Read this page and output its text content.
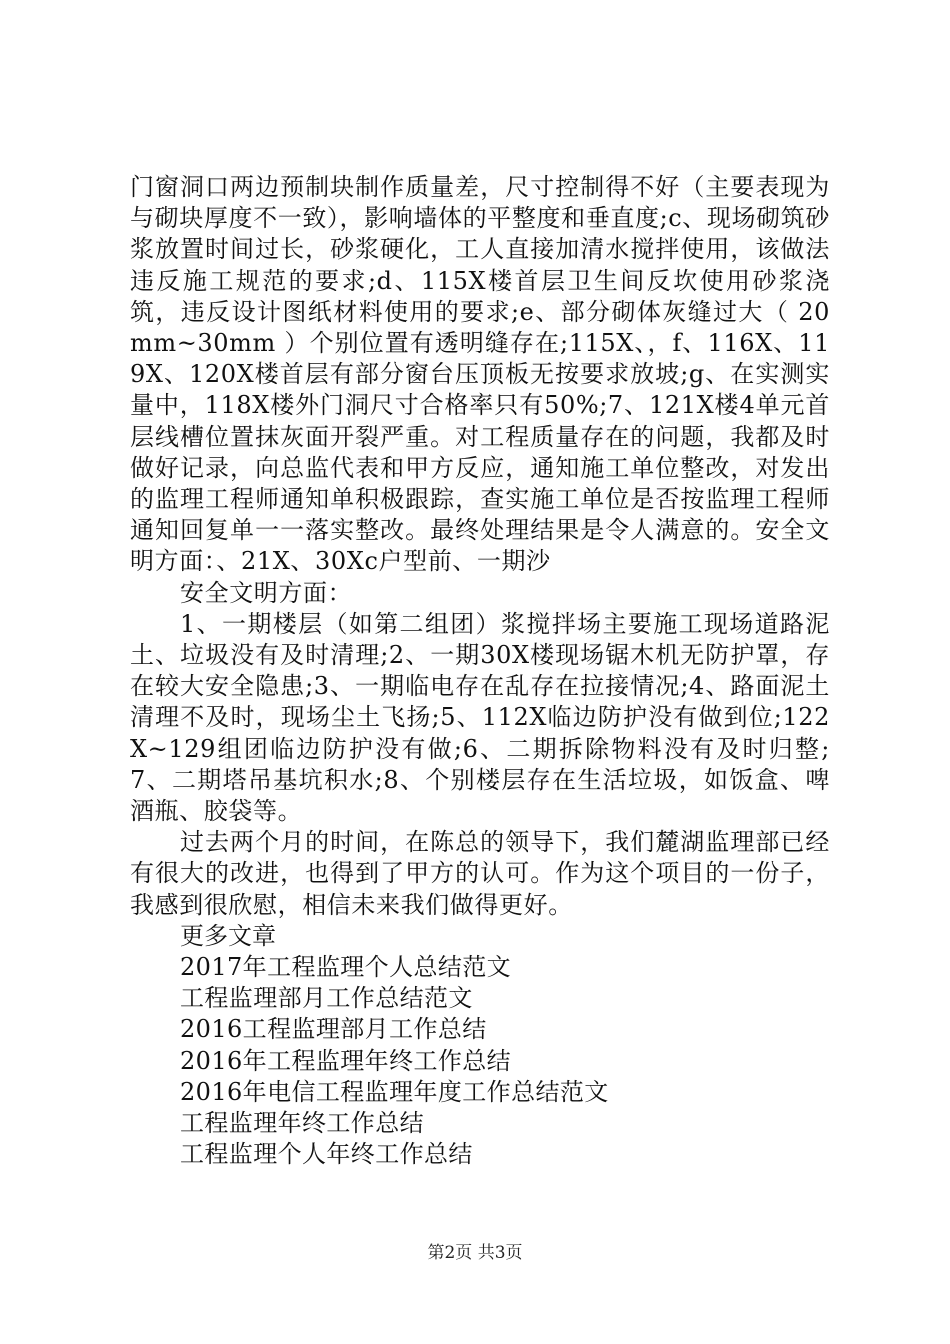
门窗洞口两边预制块制作质量差，尺寸控制得不好（主要表现为与砌块厚度不一致），影响墙体的平整度和垂直度;c、现场砌筑砂浆放置时间过长，砂浆硬化，工人直接加清水搅拌使用，该做法违反施工规范的要求;d、115X楼首层卫生间反坎使用砂浆浇筑，违反设计图纸材料使用的要求;e、部分砌体灰缝过大（ 20mm~30mm ）个别位置有透明缝存在;115X、，f、116X、119X、120X楼首层有部分窗台压顶板无按要求放坡;g、在实测实量中，118X楼外门洞尺寸合格率只有50%;7、121X楼4单元首层线槽位置抹灰面开裂严重。对工程质量存在的问题，我都及时做好记录，向总监代表和甲方反应，通知施工单位整改，对发出的监理工程师通知单积极跟踪，查实施工单位是否按监理工程师通知回复单一一落实整改。最终处理结果是令人满意的。安全文明方面：、21X、30Xc户型前、一期沙

安全文明方面：

1、一期楼层（如第二组团）浆搅拌场主要施工现场道路泥土、垃圾没有及时清理;2、一期30X楼现场锯木机无防护罩，存在较大安全隐患;3、一期临电存在乱存在拉接情况;4、路面泥土清理不及时，现场尘土飞扬;5、112X临边防护没有做到位;122X~129组团临边防护没有做;6、二期拆除物料没有及时归整;7、二期塔吊基坑积水;8、个别楼层存在生活垃圾，如饭盒、啤酒瓶、胶袋等。

过去两个月的时间，在陈总的领导下，我们麓湖监理部已经有很大的改进，也得到了甲方的认可。作为这个项目的一份子，我感到很欣慰，相信未来我们做得更好。

更多文章

2017年工程监理个人总结范文
工程监理部月工作总结范文
2016工程监理部月工作总结
2016年工程监理年终工作总结
2016年电信工程监理年度工作总结范文
工程监理年终工作总结
工程监理个人年终工作总结
第2页 共3页
